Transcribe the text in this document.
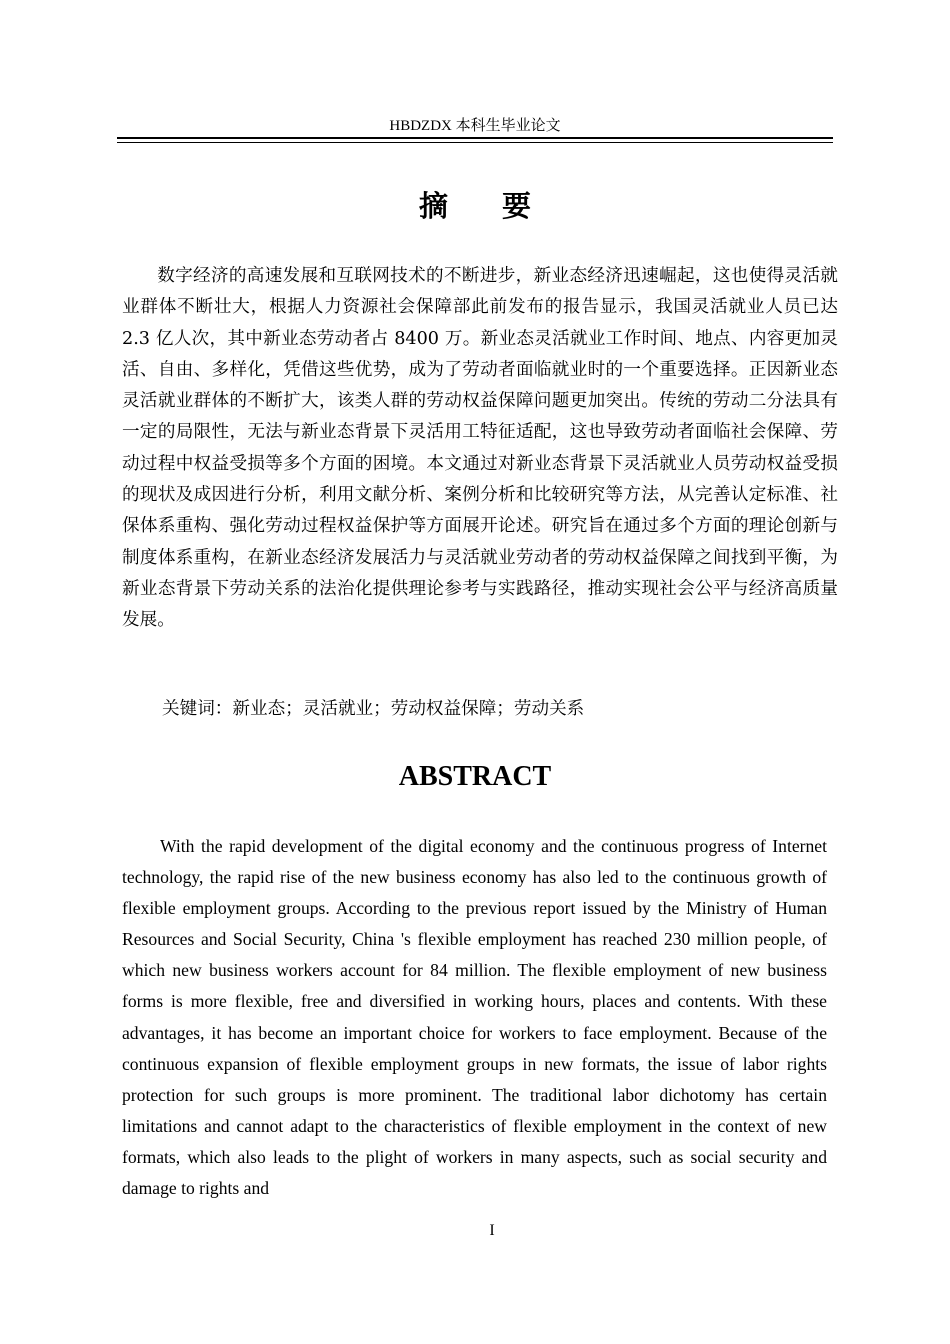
HBDZDX 本科生毕业论文
摘 要

数字经济的高速发展和互联网技术的不断进步，新业态经济迅速崛起，这也使得灵活就业群体不断壮大，根据人力资源社会保障部此前发布的报告显示，我国灵活就业人员已达 2.3 亿人次，其中新业态劳动者占 8400 万。新业态灵活就业工作时间、地点、内容更加灵活、自由、多样化，凭借这些优势，成为了劳动者面临就业时的一个重要选择。正因新业态灵活就业群体的不断扩大，该类人群的劳动权益保障问题更加突出。传统的劳动二分法具有一定的局限性，无法与新业态背景下灵活用工特征适配，这也导致劳动者面临社会保障、劳动过程中权益受损等多个方面的困境。本文通过对新业态背景下灵活就业人员劳动权益受损的现状及成因进行分析，利用文献分析、案例分析和比较研究等方法，从完善认定标准、社保体系重构、强化劳动过程权益保护等方面展开论述。研究旨在通过多个方面的理论创新与制度体系重构，在新业态经济发展活力与灵活就业劳动者的劳动权益保障之间找到平衡，为新业态背景下劳动关系的法治化提供理论参考与实践路径，推动实现社会公平与经济高质量发展。

关键词：新业态；灵活就业；劳动权益保障；劳动关系

ABSTRACT

With the rapid development of the digital economy and the continuous progress of Internet technology, the rapid rise of the new business economy has also led to the continuous growth of flexible employment groups. According to the previous report issued by the Ministry of Human Resources and Social Security, China 's flexible employment has reached 230 million people, of which new business workers account for 84 million. The flexible employment of new business forms is more flexible, free and diversified in working hours, places and contents. With these advantages, it has become an important choice for workers to face employment. Because of the continuous expansion of flexible employment groups in new formats, the issue of labor rights protection for such groups is more prominent. The traditional labor dichotomy has certain limitations and cannot adapt to the characteristics of flexible employment in the context of new formats, which also leads to the plight of workers in many aspects, such as social security and damage to rights and

I
